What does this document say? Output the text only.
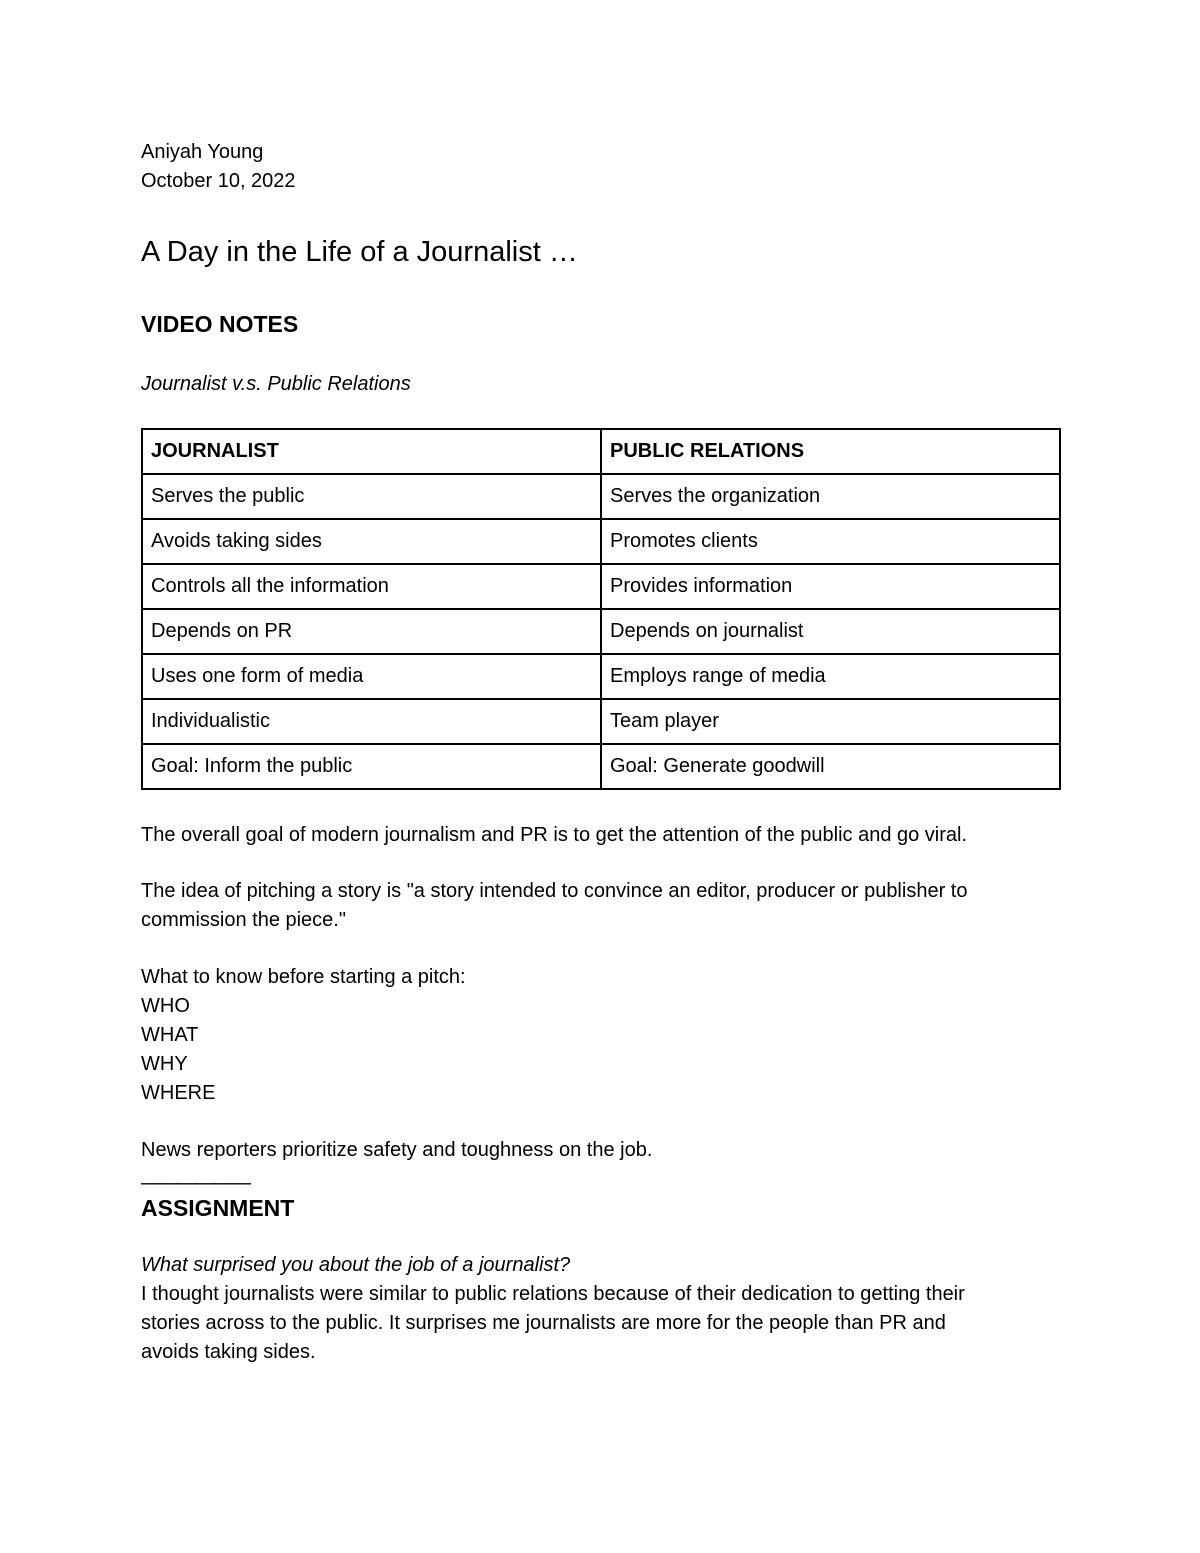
Aniyah Young

October 10, 2022

A Day in the Life of a Journalist …
VIDEO NOTES

Journalist v.s. Public Relations

JOURNALIST	PUBLIC RELATIONS
Serves the public	Serves the organization
Avoids taking sides	Promotes clients
Controls all the information	Provides information
Depends on PR	Depends on journalist
Uses one form of media	Employs range of media
Individualistic	Team player
Goal: Inform the public	Goal: Generate goodwill

The overall goal of modern journalism and PR is to get the attention of the public and go viral.

The idea of pitching a story is "a story intended to convince an editor, producer or publisher to

commission the piece."

What to know before starting a pitch:

WHO

WHAT

WHY

WHERE

News reporters prioritize safety and toughness on the job.

——————

ASSIGNMENT

What surprised you about the job of a journalist?

I thought journalists were similar to public relations because of their dedication to getting their

stories across to the public. It surprises me journalists are more for the people than PR and

avoids taking sides.
